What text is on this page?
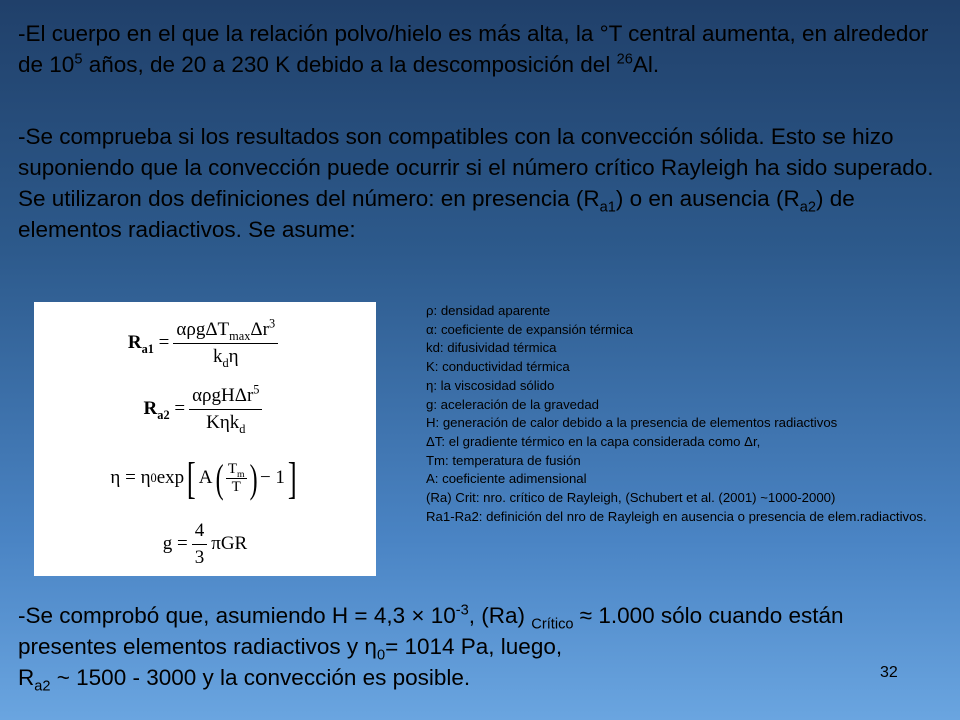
-El cuerpo en el que la relación polvo/hielo es más alta, la °T central aumenta, en alrededor de $10^5$ años, de 20 a 230 K debido a la descomposición del $^{26}$Al.

-Se comprueba si los resultados son compatibles con la convección sólida. Esto se hizo suponiendo que la convección puede ocurrir si el número crítico Rayleigh ha sido superado.
Se utilizaron dos definiciones del número: en presencia $(R_{a1})$ o en ausencia $(R_{a2})$ de elementos radiactivos. Se asume:

$R_{a1}$
= $\frac{\alpha\rho g\Delta T_{max}\Delta r^3}{k_d\eta}$
$R_{a2}$
= $\frac{\alpha\rho gH\Delta r^5}{K\eta k_d}$
η = η 0 exp [ A ( $\frac{T_m}{T}$ ) − 1 ]
$g = \frac{4}{3}$ πGR
ρ: densidad aparente
α: coeficiente de expansión térmica
kd: difusividad térmica
K: conductividad térmica
η: la viscosidad sólido
g: aceleración de la gravedad
H: generación de calor debido a la presencia de elementos radiactivos
ΔT: el gradiente térmico en la capa considerada como Δr,
Tm: temperatura de fusión
A: coeficiente adimensional
(Ra) Crit: nro. crítico de Rayleigh, (Schubert et al. (2001) ~1000-2000)
Ra1-Ra2: definición del nro de Rayleigh en ausencia o presencia de elem.radiactivos.

-Se comprobó que, asumiendo $H = 4,3 \times 10^{-3}$, (Ra) $_{Crítico}$ ≈ 1.000 sólo cuando están presentes elementos radiactivos y $\eta_0= 1014$ Pa, luego,
$R_{a2}$ ~ 1500 - 3000 y la convección es posible.	32
